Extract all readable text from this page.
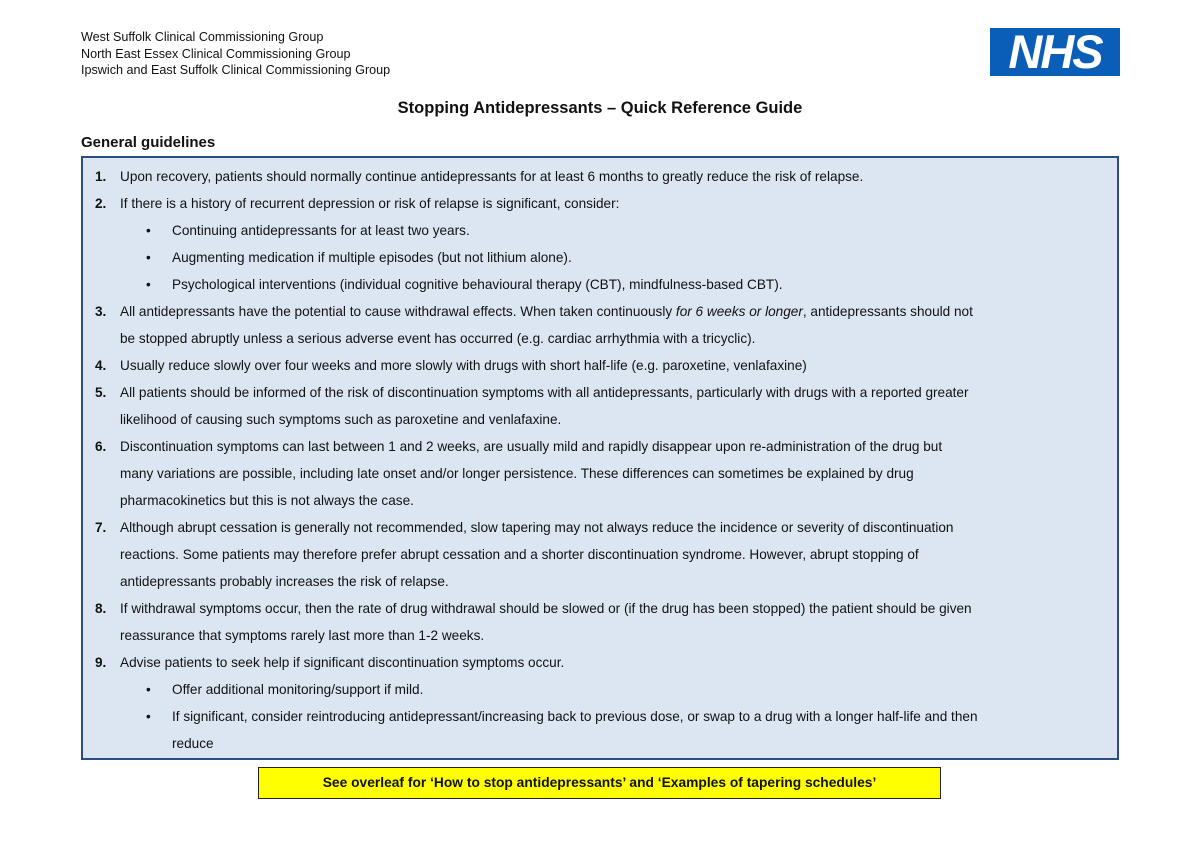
West Suffolk Clinical Commissioning Group
North East Essex Clinical Commissioning Group
Ipswich and East Suffolk Clinical Commissioning Group	NHS
Stopping Antidepressants – Quick Reference Guide
General guidelines
1. Upon recovery, patients should normally continue antidepressants for at least 6 months to greatly reduce the risk of relapse.
2. If there is a history of recurrent depression or risk of relapse is significant, consider:
• Continuing antidepressants for at least two years.
• Augmenting medication if multiple episodes (but not lithium alone).
• Psychological interventions (individual cognitive behavioural therapy (CBT), mindfulness-based CBT).
3. All antidepressants have the potential to cause withdrawal effects. When taken continuously for 6 weeks or longer, antidepressants should not
be stopped abruptly unless a serious adverse event has occurred (e.g. cardiac arrhythmia with a tricyclic).
4. Usually reduce slowly over four weeks and more slowly with drugs with short half-life (e.g. paroxetine, venlafaxine)
5. All patients should be informed of the risk of discontinuation symptoms with all antidepressants, particularly with drugs with a reported greater
likelihood of causing such symptoms such as paroxetine and venlafaxine.
6. Discontinuation symptoms can last between 1 and 2 weeks, are usually mild and rapidly disappear upon re-administration of the drug but
many variations are possible, including late onset and/or longer persistence. These differences can sometimes be explained by drug
pharmacokinetics but this is not always the case.
7. Although abrupt cessation is generally not recommended, slow tapering may not always reduce the incidence or severity of discontinuation
reactions. Some patients may therefore prefer abrupt cessation and a shorter discontinuation syndrome. However, abrupt stopping of
antidepressants probably increases the risk of relapse.
8. If withdrawal symptoms occur, then the rate of drug withdrawal should be slowed or (if the drug has been stopped) the patient should be given
reassurance that symptoms rarely last more than 1-2 weeks.
9. Advise patients to seek help if significant discontinuation symptoms occur.
• Offer additional monitoring/support if mild.
• If significant, consider reintroducing antidepressant/increasing back to previous dose, or swap to a drug with a longer half-life and then
reduce
See overleaf for ‘How to stop antidepressants’ and ‘Examples of tapering schedules’
